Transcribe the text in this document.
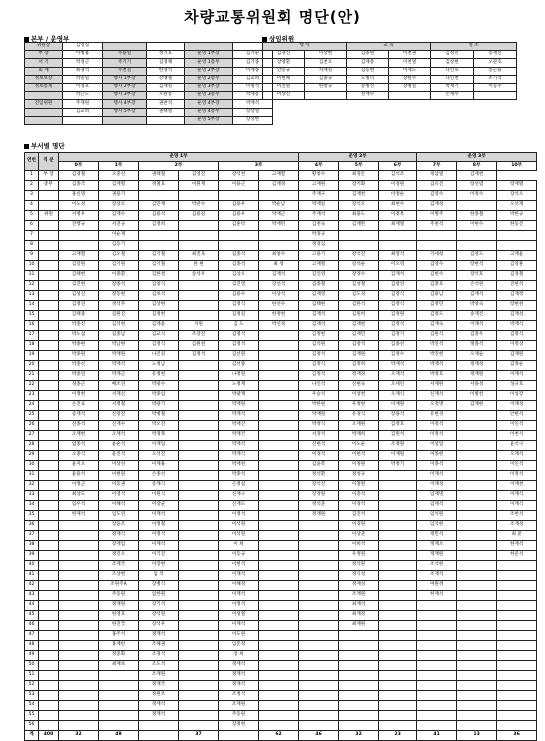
차량교통위원회 명단(안)
본부 / 운영부
위원장	김영길				
부 장	이병용	주용일	정기호	운영 1부장	김기순
서 기	박경근	주기기	김경채	운영 1총무	김기종
회 계	최경석	주천길	한경석	운영 2부장	이계종
정보보장	박중일	행사 1부장	강맹철	운영 2총무	김교희
정보통계	이경호	행사 2부장	김재길	운영 3부장	이병석
	박근도	행사 3부장	오관봉	운영 3총무	박재봉
전임위원	주재원	행사 4부장	권판석	운영 4부장	박재석
	김교희	행사 5부장	권택열	운영 4총무	장상열
				운영 5부장	장상현
상임위원
행 사		교 육		정 조	
김경진	이상현	김종원	이천권	김정민	송재신
장영환	김천오	김재총	이천열	김상현	오관호
안동규	차재길	김동현	이재도	나인호	송근용
이현해	김종규	노병덕	장원수	나인천	조기석
이진원	한창규	송병선	장병일	박재기	이동주
이상진		전재수		손재수	
부서별 명단
연번	직 분	운영 1부						운영 2부			운영 3부		
		0부	1부	2부		3부		4부	5부	6부	7부	8부	10부
1	부 장	김경철	오중선	권태철	김영진	장석천	고재렬	황창수	최경돈	김석조	정삼열	김재천	
2	총무	김종국	김재렬	정철호	이원재	이용근	김재경	고재원	장기화	이경원	김유진	장선엽	장재열
3		홍신명	권용기					주재구	김재천	이정순	김영수	이정수	장석오
4		이노성	장상오	김만재	박관수	김용우	박순남	박재일	장석오	최현수	김재성		오석재
5	위원	서병우	김재수	김용석	김용길	김용우	박재근	주재석	최용도	이정옥	이병주	한종철	박한규
6		진행규	서진규	김정희		김훈탁	박재민	김천숙	김재완	최재열	주천석	이현수	한동진
7			이순재					박경규					
8			김동기					정경심					
9		고재렬	김오철	김기철	최진욱	김종석	최창수	고용기	강석진	최영석	기세청	김영도	고재윤
10		김강원	김기원	김기철	한 현	김종석	최 성	고재열	강석순	이오영	김영수	장현석	김영훈
11		김태현	이종환	김한결	송석우	김상오	김재석	김인영	장경수	김재석	김현수	장석호	김경철
12		김진현	장종석	김창식		김진영	장선석	김종철	김성철	김창연	김종호	손석원	진현석
13		김성신	장동현	김보석		김용수	이상석	김재영	김도경	김영식	김용남	김재석	김재정
14		김정연	정석주	김상현		김정식	한선수	김태현	김한석	김정식	김정민	박영숙	장현천
15		김태종	김원진	김정현		김정길	한정현	김재석	김원희	김정원	김정도	송재진	김재성
16		박종진	김석현	김재윤	지원	김 도	박선경	김재석	김재현	김정석	김재숙	이재석	박재식
17		박노섭	김종남	김교식	조장진	김명석		김정현	김재민	김정기	김원식	김정우	김명식
18		박종현	박남현	김정식	김원천	김정석		김석원	김창석	김종선	박진석	정종석	이정상
19		박종원	박재원	나진길	김정석	김선원		김정석	김재원	김정수	박진현	오재술	김재원
20		박종선	박재석	노정남		김선종		김정식	김정희	박재석	박재석	정재성	김정순
21		박종연	박재근	유정현		나정원		김정석	정재경	오재석	박정호	정재원	이재석
22		정종근	배조연	박광수		노정재		나인석	신현숙	오세린	서재원	서용성	성규호
23		이정현	서재신	박종업		박광재		우승석	이성천	오재식	신재석	이병찬	이성장
24		손진표	서정철	박광기		박재원		박한원	우정현	이재원	오정명	김재현	이재성
25		송재석	신창진	박병철		박재석		박재원	유경식	장용석	유현경		안현석
26		신종석	신재수	박오진		박재진		박정식	오재원	김정호	이정석		이인석
27		오재현	오재석	박경목		박재건		서경석	박재희	김원석	이정석		이천식
28		엄종석	윤순석	이재업		박재석		신현석	이노순	조정원	이상업		윤석구
29		오종식	윤진석	오석진		박재식		이경석	이현석	이재원	이종현		오재석
30		윤지오	이상선	이재용		박재천		김윤복	이정원	박정기	이종석		이인석
31		윤용석	이현원	손종선		박종석		정석환	정성규		이재석		이정석
32		이정근	이동권	송재식		손정섭		장석진	이철원		이재성		이재천
33		최상도	이영석	이원식		신재구		장경원	이충석		임재명		이재식
34		임우석	이해석	이장균		신재도		정석준	이경석		임재석		이재식
35		한재석	임도연	이재석		이정석		정재원	김진석		임석원		조현석
36			장윤조	이정철		이석원			이경원		임석현		조재성
37			정재식	이정석		이석원			이상준		정민석		최 준
38			장재업	이재석		이 희			이희석		정재오		한재석
39			정진오	이기진		이동규			우정원		정재원		한준석
40			조재국	이장현		이현석			정석원		조석현		
41			조상현	임 석		이재석			정식성		조재석		
42			조원주A	장병식		이해정			정재성		여원정		
43			주동원	임한원		이재석			조재원		한재석		
44			정재원	장기석		이정석			최재석				
45			한영호	장석원		이성열			최재정				
46			한진국	장석우		이재석			최재원				
47			홍주석	정재석		이도원							
48			홍재헌	조해권		임문정							
49			정중화	조경석		장 희							
50			최재보	조도석		정재석							
51				조재원		정재석							
52				정재국		정재석							
53				정원조		조정석							
54				정재석		조재원							
55				정재석		주동원							
56						장정현							
계	400	32	49		37		62	46	32	23	41	13	36
